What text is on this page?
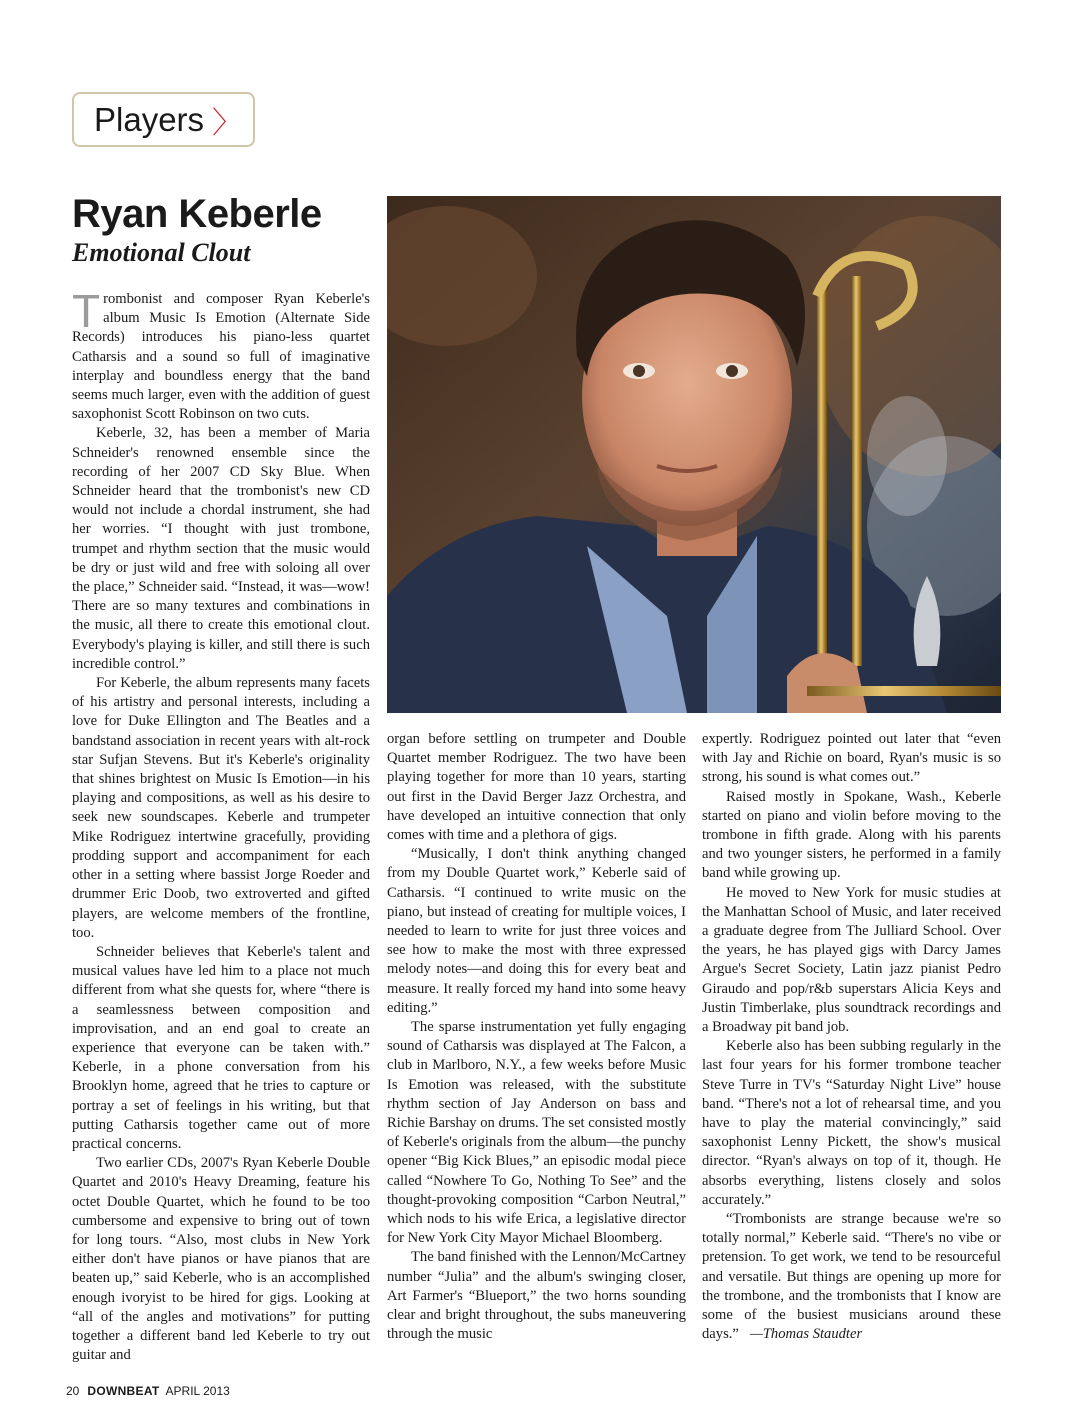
Players 〉
Ryan Keberle
Emotional Clout

Trombonist and composer Ryan Keberle's album Music Is Emotion (Alternate Side Records) introduces his piano-less quartet Catharsis and a sound so full of imaginative interplay and boundless energy that the band seems much larger, even with the addition of guest saxophonist Scott Robinson on two cuts.

Keberle, 32, has been a member of Maria Schneider's renowned ensemble since the recording of her 2007 CD Sky Blue. When Schneider heard that the trombonist's new CD would not include a chordal instrument, she had her worries. “I thought with just trombone, trumpet and rhythm section that the music would be dry or just wild and free with soloing all over the place,” Schneider said. “Instead, it was—wow! There are so many textures and combinations in the music, all there to create this emotional clout. Everybody's playing is killer, and still there is such incredible control.”

For Keberle, the album represents many facets of his artistry and personal interests, including a love for Duke Ellington and The Beatles and a bandstand association in recent years with alt-rock star Sufjan Stevens. But it's Keberle's originality that shines brightest on Music Is Emotion—in his playing and compositions, as well as his desire to seek new soundscapes. Keberle and trumpeter Mike Rodriguez intertwine gracefully, providing prodding support and accompaniment for each other in a setting where bassist Jorge Roeder and drummer Eric Doob, two extroverted and gifted players, are welcome members of the frontline, too.

Schneider believes that Keberle's talent and musical values have led him to a place not much different from what she quests for, where “there is a seamlessness between composition and improvisation, and an end goal to create an experience that everyone can be taken with.” Keberle, in a phone conversation from his Brooklyn home, agreed that he tries to capture or portray a set of feelings in his writing, but that putting Catharsis together came out of more practical concerns.

Two earlier CDs, 2007's Ryan Keberle Double Quartet and 2010's Heavy Dreaming, feature his octet Double Quartet, which he found to be too cumbersome and expensive to bring out of town for long tours. “Also, most clubs in New York either don't have pianos or have pianos that are beaten up,” said Keberle, who is an accomplished enough ivoryist to be hired for gigs. Looking at “all of the angles and motivations” for putting together a different band led Keberle to try out guitar and

organ before settling on trumpeter and Double Quartet member Rodriguez. The two have been playing together for more than 10 years, starting out first in the David Berger Jazz Orchestra, and have developed an intuitive connection that only comes with time and a plethora of gigs.

“Musically, I don't think anything changed from my Double Quartet work,” Keberle said of Catharsis. “I continued to write music on the piano, but instead of creating for multiple voices, I needed to learn to write for just three voices and see how to make the most with three expressed melody notes—and doing this for every beat and measure. It really forced my hand into some heavy editing.”

The sparse instrumentation yet fully engaging sound of Catharsis was displayed at The Falcon, a club in Marlboro, N.Y., a few weeks before Music Is Emotion was released, with the substitute rhythm section of Jay Anderson on bass and Richie Barshay on drums. The set consisted mostly of Keberle's originals from the album—the punchy opener “Big Kick Blues,” an episodic modal piece called “Nowhere To Go, Nothing To See” and the thought-provoking composition “Carbon Neutral,” which nods to his wife Erica, a legislative director for New York City Mayor Michael Bloomberg.

The band finished with the Lennon/McCartney number “Julia” and the album's swinging closer, Art Farmer's “Blueport,” the two horns sounding clear and bright throughout, the subs maneuvering through the music

expertly. Rodriguez pointed out later that “even with Jay and Richie on board, Ryan's music is so strong, his sound is what comes out.”

Raised mostly in Spokane, Wash., Keberle started on piano and violin before moving to the trombone in fifth grade. Along with his parents and two younger sisters, he performed in a family band while growing up.

He moved to New York for music studies at the Manhattan School of Music, and later received a graduate degree from The Julliard School. Over the years, he has played gigs with Darcy James Argue's Secret Society, Latin jazz pianist Pedro Giraudo and pop/r&b superstars Alicia Keys and Justin Timberlake, plus soundtrack recordings and a Broadway pit band job.

Keberle also has been subbing regularly in the last four years for his former trombone teacher Steve Turre in TV's “Saturday Night Live” house band. “There's not a lot of rehearsal time, and you have to play the material convincingly,” said saxophonist Lenny Pickett, the show's musical director. “Ryan's always on top of it, though. He absorbs everything, listens closely and solos accurately.”

“Trombonists are strange because we're so totally normal,” Keberle said. “There's no vibe or pretension. To get work, we tend to be resourceful and versatile. But things are opening up more for the trombone, and the trombonists that I know are some of the busiest musicians around these days.” —Thomas Staudter

20 DOWNBEAT APRIL 2013
